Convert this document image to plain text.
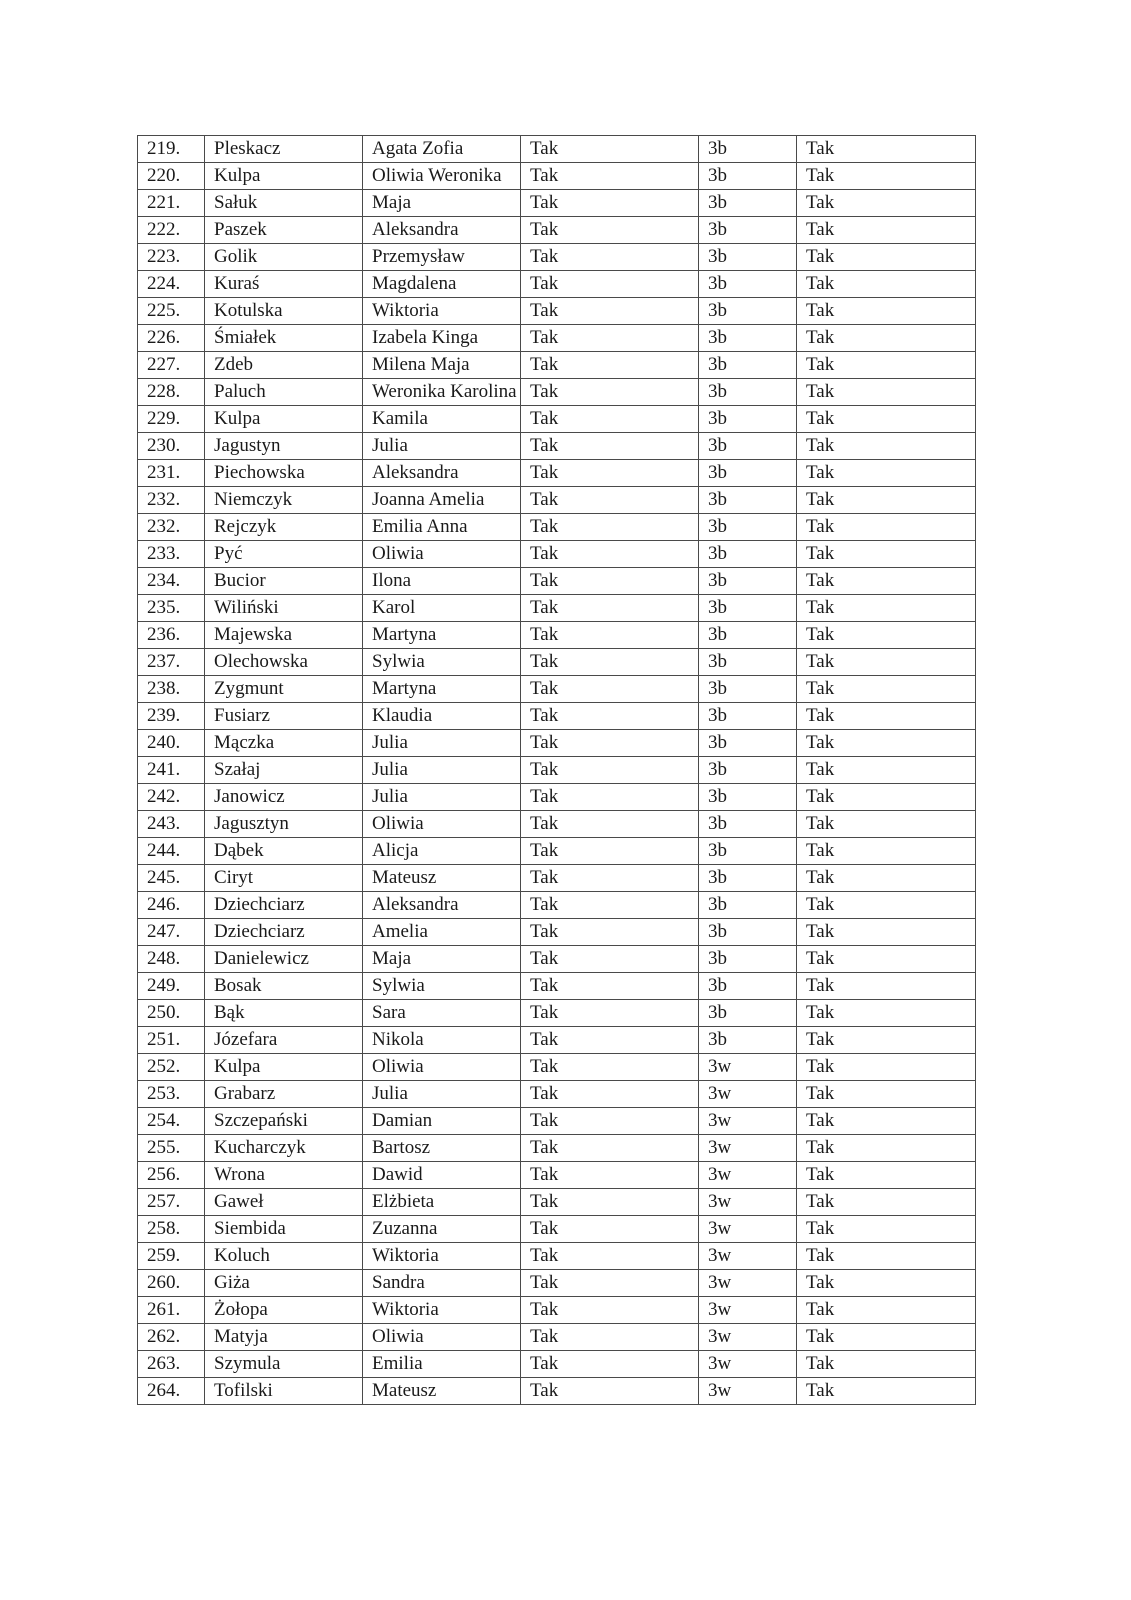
219.	Pleskacz	Agata Zofia	Tak	3b	Tak
220.	Kulpa	Oliwia Weronika	Tak	3b	Tak
221.	Sałuk	Maja	Tak	3b	Tak
222.	Paszek	Aleksandra	Tak	3b	Tak
223.	Golik	Przemysław	Tak	3b	Tak
224.	Kuraś	Magdalena	Tak	3b	Tak
225.	Kotulska	Wiktoria	Tak	3b	Tak
226.	Śmiałek	Izabela Kinga	Tak	3b	Tak
227.	Zdeb	Milena Maja	Tak	3b	Tak
228.	Paluch	Weronika Karolina	Tak	3b	Tak
229.	Kulpa	Kamila	Tak	3b	Tak
230.	Jagustyn	Julia	Tak	3b	Tak
231.	Piechowska	Aleksandra	Tak	3b	Tak
232.	Niemczyk	Joanna Amelia	Tak	3b	Tak
232.	Rejczyk	Emilia Anna	Tak	3b	Tak
233.	Pyć	Oliwia	Tak	3b	Tak
234.	Bucior	Ilona	Tak	3b	Tak
235.	Wiliński	Karol	Tak	3b	Tak
236.	Majewska	Martyna	Tak	3b	Tak
237.	Olechowska	Sylwia	Tak	3b	Tak
238.	Zygmunt	Martyna	Tak	3b	Tak
239.	Fusiarz	Klaudia	Tak	3b	Tak
240.	Mączka	Julia	Tak	3b	Tak
241.	Szałaj	Julia	Tak	3b	Tak
242.	Janowicz	Julia	Tak	3b	Tak
243.	Jagusztyn	Oliwia	Tak	3b	Tak
244.	Dąbek	Alicja	Tak	3b	Tak
245.	Ciryt	Mateusz	Tak	3b	Tak
246.	Dziechciarz	Aleksandra	Tak	3b	Tak
247.	Dziechciarz	Amelia	Tak	3b	Tak
248.	Danielewicz	Maja	Tak	3b	Tak
249.	Bosak	Sylwia	Tak	3b	Tak
250.	Bąk	Sara	Tak	3b	Tak
251.	Józefara	Nikola	Tak	3b	Tak
252.	Kulpa	Oliwia	Tak	3w	Tak
253.	Grabarz	Julia	Tak	3w	Tak
254.	Szczepański	Damian	Tak	3w	Tak
255.	Kucharczyk	Bartosz	Tak	3w	Tak
256.	Wrona	Dawid	Tak	3w	Tak
257.	Gaweł	Elżbieta	Tak	3w	Tak
258.	Siembida	Zuzanna	Tak	3w	Tak
259.	Koluch	Wiktoria	Tak	3w	Tak
260.	Giża	Sandra	Tak	3w	Tak
261.	Żołopa	Wiktoria	Tak	3w	Tak
262.	Matyja	Oliwia	Tak	3w	Tak
263.	Szymula	Emilia	Tak	3w	Tak
264.	Tofilski	Mateusz	Tak	3w	Tak
